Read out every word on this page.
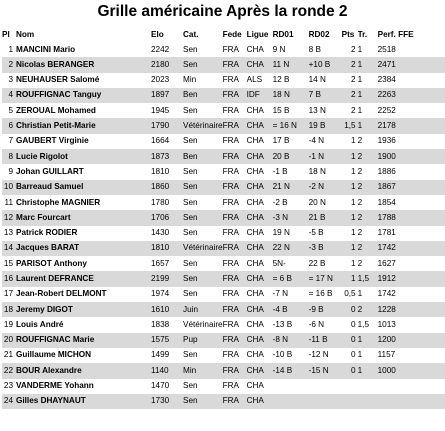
Grille américaine Après la ronde 2
Pl	Nom	Elo	Cat.	Fede	Ligue	RD01	RD02	Pts	Tr.	Perf. FFE
1	MANCINI Mario	2242	Sen	FRA	CHA	9 N	8 B	2	1	2518
2	Nicolas BERANGER	2180	Sen	FRA	CHA	11 N	+10 B	2	1	2471
3	NEUHAUSER Salomé	2023	Min	FRA	ALS	12 B	14 N	2	1	2384
4	ROUFFIGNAC Tanguy	1897	Ben	FRA	IDF	18 N	7 B	2	1	2263
5	ZEROUAL Mohamed	1945	Sen	FRA	CHA	15 B	13 N	2	1	2252
6	Christian Petit-Marie	1790	Vétérinaire	FRA	CHA	= 16 N	19 B	1,5	1	2178
7	GAUBERT Virginie	1664	Sen	FRA	CHA	17 B	-4 N	1	2	1936
8	Lucie Rigolot	1873	Ben	FRA	CHA	20 B	-1 N	1	2	1900
9	Johan GUILLART	1810	Sen	FRA	CHA	-1 B	18 N	1	2	1886
10	Barreaud Samuel	1860	Sen	FRA	CHA	21 N	-2 N	1	2	1867
11	Christophe MAGNIER	1780	Sen	FRA	CHA	-2 B	20 N	1	2	1854
12	Marc Fourcart	1706	Sen	FRA	CHA	-3 N	21 B	1	2	1788
13	Patrick RODIER	1430	Sen	FRA	CHA	19 N	-5 B	1	2	1781
14	Jacques BARAT	1810	Vétérinaire	FRA	CHA	22 N	-3 B	1	2	1742
15	PARISOT Anthony	1657	Sen	FRA	CHA	5N-	22 B	1	2	1627
16	Laurent DEFRANCE	2199	Sen	FRA	CHA	= 6 B	= 17 N	1	1,5	1912
17	Jean-Robert DELMONT	1974	Sen	FRA	CHA	-7 N	= 16 B	0,5	1	1742
18	Jeremy DIGOT	1610	Juin	FRA	CHA	-4 B	-9 B	0	2	1228
19	Louis André	1838	Vétérinaire	FRA	CHA	-13 B	-6 N	0	1,5	1013
20	ROUFFIGNAC Marie	1575	Pup	FRA	CHA	-8 N	-11 B	0	1	1200
21	Guillaume MICHON	1499	Sen	FRA	CHA	-10 B	-12 N	0	1	1157
22	BOUR Alexandre	1140	Min	FRA	CHA	-14 B	-15 N	0	1	1000
23	VANDERME Yohann	1470	Sen	FRA	CHA					
24	Gilles DHAYNAUT	1730	Sen	FRA	CHA					
